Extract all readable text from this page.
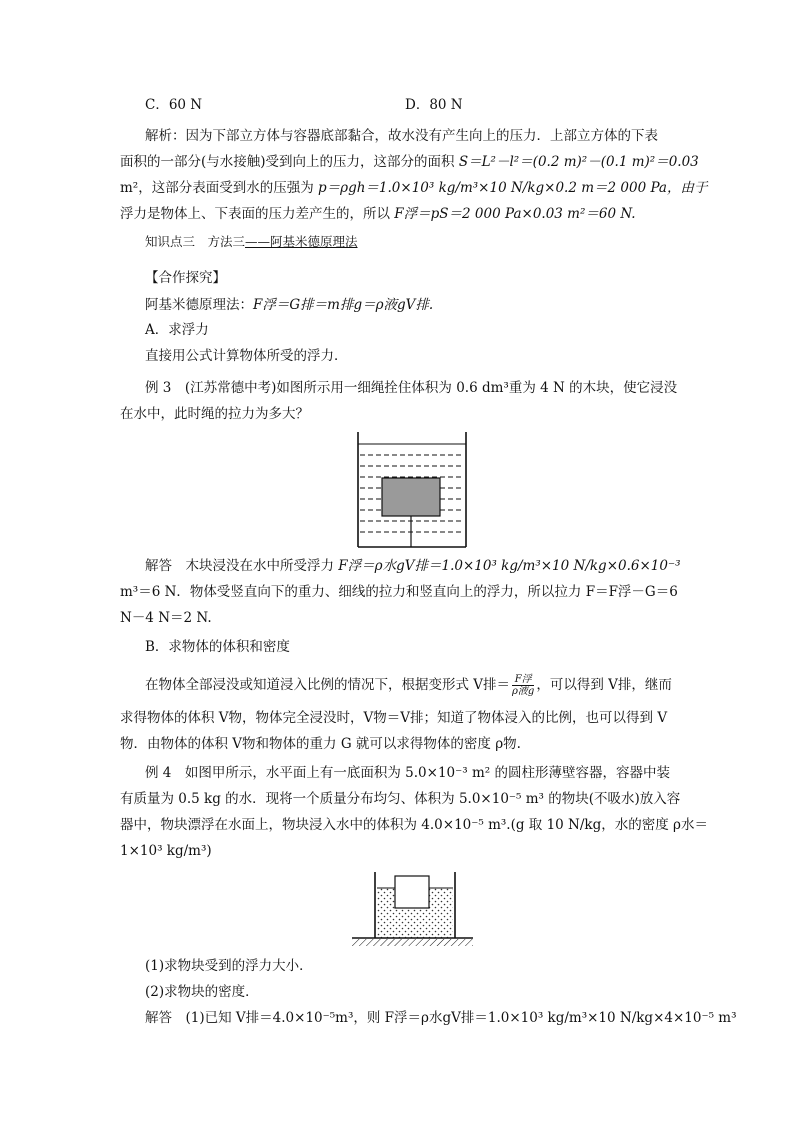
C．60 N	D．80 N
解析：因为下部立方体与容器底部黏合，故水没有产生向上的压力．上部立方体的下表
面积的一部分(与水接触)受到向上的压力，这部分的面积 S＝L²－l²＝(0.2 m)²－(0.1 m)²＝0.03
m²，这部分表面受到水的压强为 p＝ρgh＝1.0×10³ kg/m³×10 N/kg×0.2 m＝2 000 Pa，由于
浮力是物体上、下表面的压力差产生的，所以 F浮＝pS＝2 000 Pa×0.03 m²＝60 N.
知识点三　方法三——阿基米德原理法
【合作探究】
阿基米德原理法：F浮＝G排＝m排g＝ρ液gV排.
A．求浮力
直接用公式计算物体所受的浮力．
例 3　(江苏常德中考)如图所示用一细绳拴住体积为 0.6 dm³重为 4 N 的木块，使它浸没
在水中，此时绳的拉力为多大？
解答　木块浸没在水中所受浮力 F浮＝ρ水gV排＝1.0×10³ kg/m³×10 N/kg×0.6×10⁻³
m³＝6 N．物体受竖直向下的重力、细线的拉力和竖直向上的浮力，所以拉力 F＝F浮－G＝6
N－4 N＝2 N.
B．求物体的体积和密度
在物体全部浸没或知道浸入比例的情况下，根据变形式 V排＝ $\frac{\text{F浮}}{\text{ρ液g}}$ ，可以得到 V排，继而
求得物体的体积 V物，物体完全浸没时，V物＝V排；知道了物体浸入的比例，也可以得到 V
物．由物体的体积 V物和物体的重力 G 就可以求得物体的密度 ρ物.
例 4　如图甲所示，水平面上有一底面积为 5.0×10⁻³ m² 的圆柱形薄壁容器，容器中装
有质量为 0.5 kg 的水．现将一个质量分布均匀、体积为 5.0×10⁻⁵ m³ 的物块(不吸水)放入容
器中，物块漂浮在水面上，物块浸入水中的体积为 4.0×10⁻⁵ m³.(g 取 10 N/kg，水的密度 ρ水＝
1×10³ kg/m³)
(1)求物块受到的浮力大小．
(2)求物块的密度．
解答　(1)已知 V排＝4.0×10⁻⁵m³，则 F浮＝ρ水gV排＝1.0×10³ kg/m³×10 N/kg×4×10⁻⁵ m³
